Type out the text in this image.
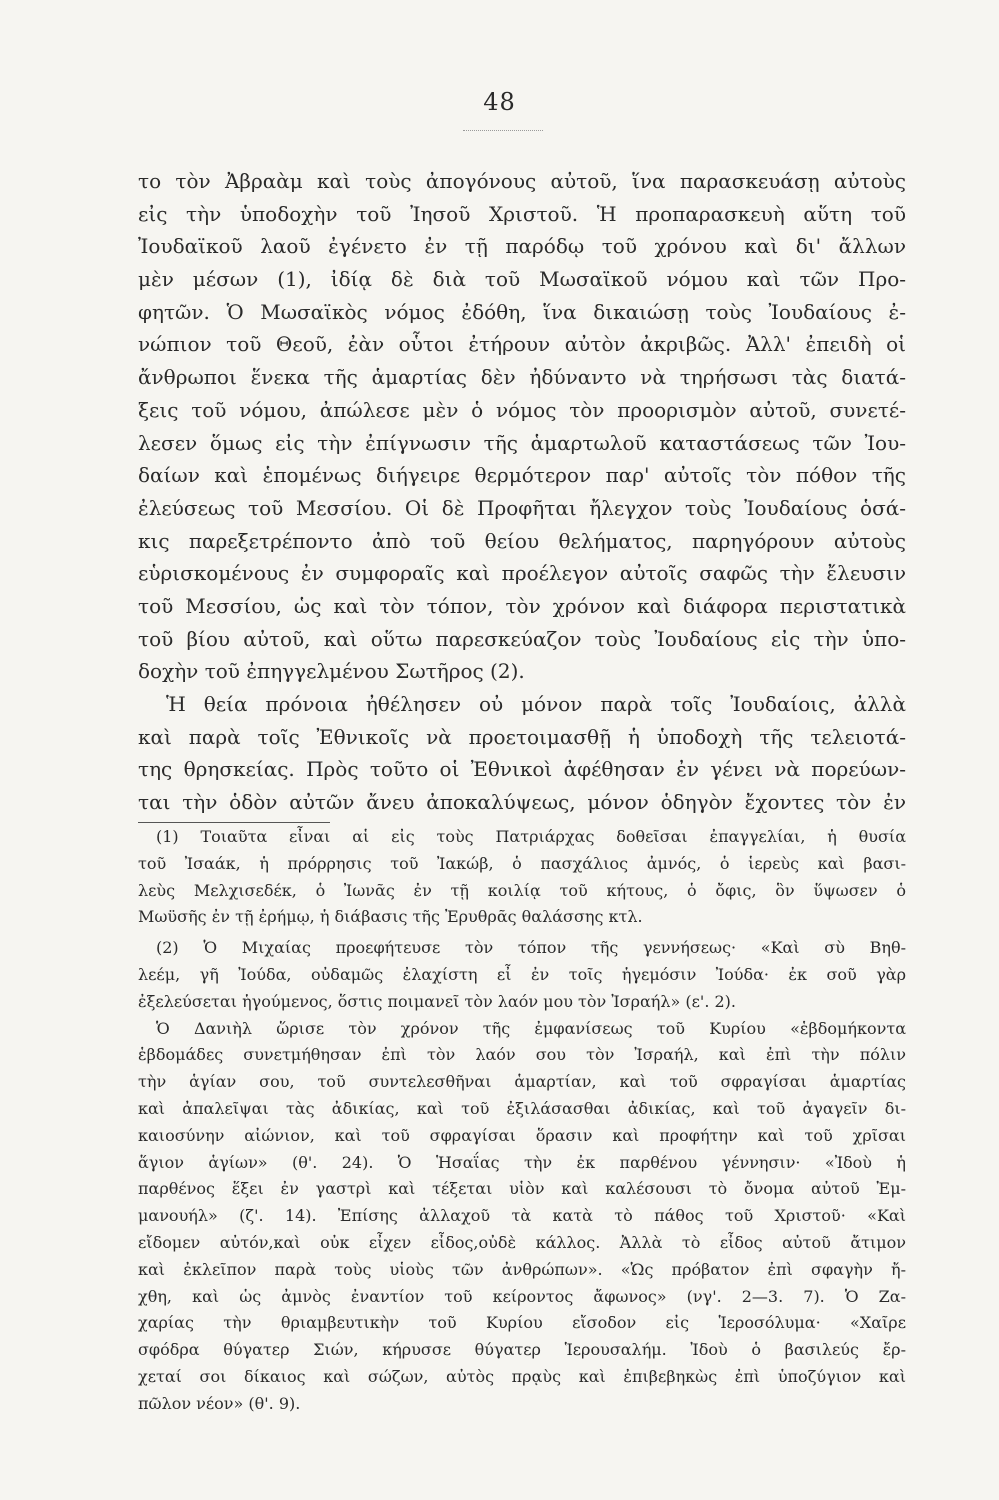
48
το τὸν Ἀβραὰμ καὶ τοὺς ἀπογόνους αὐτοῦ, ἵνα παρασκευάσῃ αὐτοὺς
εἰς τὴν ὑποδοχὴν τοῦ Ἰησοῦ Χριστοῦ. Ἡ προπαρασκευὴ αὕτη τοῦ
Ἰουδαϊκοῦ λαοῦ ἐγένετο ἐν τῇ παρόδῳ τοῦ χρόνου καὶ δι' ἄλλων
μὲν μέσων (1), ἰδίᾳ δὲ διὰ τοῦ Μωσαϊκοῦ νόμου καὶ τῶν Προ-
φητῶν. Ὁ Μωσαϊκὸς νόμος ἐδόθη, ἵνα δικαιώσῃ τοὺς Ἰουδαίους ἐ-
νώπιον τοῦ Θεοῦ, ἐὰν οὗτοι ἐτήρουν αὐτὸν ἀκριβῶς. Ἀλλ' ἐπειδὴ οἱ
ἄνθρωποι ἕνεκα τῆς ἁμαρτίας δὲν ἠδύναντο νὰ τηρήσωσι τὰς διατά-
ξεις τοῦ νόμου, ἀπώλεσε μὲν ὁ νόμος τὸν προορισμὸν αὐτοῦ, συνετέ-
λεσεν ὅμως εἰς τὴν ἐπίγνωσιν τῆς ἁμαρτωλοῦ καταστάσεως τῶν Ἰου-
δαίων καὶ ἑπομένως διήγειρε θερμότερον παρ' αὐτοῖς τὸν πόθον τῆς
ἐλεύσεως τοῦ Μεσσίου. Οἱ δὲ Προφῆται ἤλεγχον τοὺς Ἰουδαίους ὁσά-
κις παρεξετρέποντο ἀπὸ τοῦ θείου θελήματος, παρηγόρουν αὐτοὺς
εὑρισκομένους ἐν συμφοραῖς καὶ προέλεγον αὐτοῖς σαφῶς τὴν ἔλευσιν
τοῦ Μεσσίου, ὡς καὶ τὸν τόπον, τὸν χρόνον καὶ διάφορα περιστατικὰ
τοῦ βίου αὐτοῦ, καὶ οὕτω παρεσκεύαζον τοὺς Ἰουδαίους εἰς τὴν ὑπο-
δοχὴν τοῦ ἐπηγγελμένου Σωτῆρος (2).
Ἡ θεία πρόνοια ἠθέλησεν οὐ μόνον παρὰ τοῖς Ἰουδαίοις, ἀλλὰ
καὶ παρὰ τοῖς Ἐθνικοῖς νὰ προετοιμασθῇ ἡ ὑποδοχὴ τῆς τελειοτά-
της θρησκείας. Πρὸς τοῦτο οἱ Ἐθνικοὶ ἀφέθησαν ἐν γένει νὰ πορεύων-
ται τὴν ὁδὸν αὐτῶν ἄνευ ἀποκαλύψεως, μόνον ὁδηγὸν ἔχοντες τὸν ἐν
(1) Τοιαῦτα εἶναι αἱ εἰς τοὺς Πατριάρχας δοθεῖσαι ἐπαγγελίαι, ἡ θυσία
τοῦ Ἰσαάκ, ἡ πρόρρησις τοῦ Ἰακώβ, ὁ πασχάλιος ἀμνός, ὁ ἱερεὺς καὶ βασι-
λεὺς Μελχισεδέκ, ὁ Ἰωνᾶς ἐν τῇ κοιλίᾳ τοῦ κήτους, ὁ ὄφις, ὃν ὕψωσεν ὁ
Μωϋσῆς ἐν τῇ ἐρήμῳ, ἡ διάβασις τῆς Ἐρυθρᾶς θαλάσσης κτλ.
(2) Ὁ Μιχαίας προεφήτευσε τὸν τόπον τῆς γεννήσεως· «Καὶ σὺ Βηθ-
λεέμ, γῆ Ἰούδα, οὐδαμῶς ἐλαχίστη εἶ ἐν τοῖς ἡγεμόσιν Ἰούδα· ἐκ σοῦ γὰρ
ἐξελεύσεται ἡγούμενος, ὅστις ποιμανεῖ τὸν λαόν μου τὸν Ἰσραήλ» (ε'. 2).
Ὁ Δανιὴλ ὥρισε τὸν χρόνον τῆς ἐμφανίσεως τοῦ Κυρίου «ἑβδομήκοντα
ἑβδομάδες συνετμήθησαν ἐπὶ τὸν λαόν σου τὸν Ἰσραήλ, καὶ ἐπὶ τὴν πόλιν
τὴν ἁγίαν σου, τοῦ συντελεσθῆναι ἁμαρτίαν, καὶ τοῦ σφραγίσαι ἁμαρτίας
καὶ ἀπαλεῖψαι τὰς ἀδικίας, καὶ τοῦ ἐξιλάσασθαι ἀδικίας, καὶ τοῦ ἀγαγεῖν δι-
καιοσύνην αἰώνιον, καὶ τοῦ σφραγίσαι ὅρασιν καὶ προφήτην καὶ τοῦ χρῖσαι
ἅγιον ἁγίων» (θ'. 24). Ὁ Ἡσαΐας τὴν ἐκ παρθένου γέννησιν· «Ἰδοὺ ἡ
παρθένος ἕξει ἐν γαστρὶ καὶ τέξεται υἱὸν καὶ καλέσουσι τὸ ὄνομα αὐτοῦ Ἐμ-
μανουήλ» (ζ'. 14). Ἐπίσης ἀλλαχοῦ τὰ κατὰ τὸ πάθος τοῦ Χριστοῦ· «Καὶ
εἴδομεν αὐτόν,καὶ οὐκ εἶχεν εἶδος,οὐδὲ κάλλος. Ἀλλὰ τὸ εἶδος αὐτοῦ ἄτιμον
καὶ ἐκλεῖπον παρὰ τοὺς υἱοὺς τῶν ἀνθρώπων». «Ὡς πρόβατον ἐπὶ σφαγὴν ἤ-
χθη, καὶ ὡς ἀμνὸς ἐναντίον τοῦ κείροντος ἄφωνος» (νγ'. 2—3. 7). Ὁ Ζα-
χαρίας τὴν θριαμβευτικὴν τοῦ Κυρίου εἴσοδον εἰς Ἱεροσόλυμα· «Χαῖρε
σφόδρα θύγατερ Σιών, κήρυσσε θύγατερ Ἱερουσαλήμ. Ἰδοὺ ὁ βασιλεύς ἔρ-
χεταί σοι δίκαιος καὶ σώζων, αὐτὸς πρᾳὺς καὶ ἐπιβεβηκὼς ἐπὶ ὑποζύγιον καὶ
πῶλον νέον» (θ'. 9).
